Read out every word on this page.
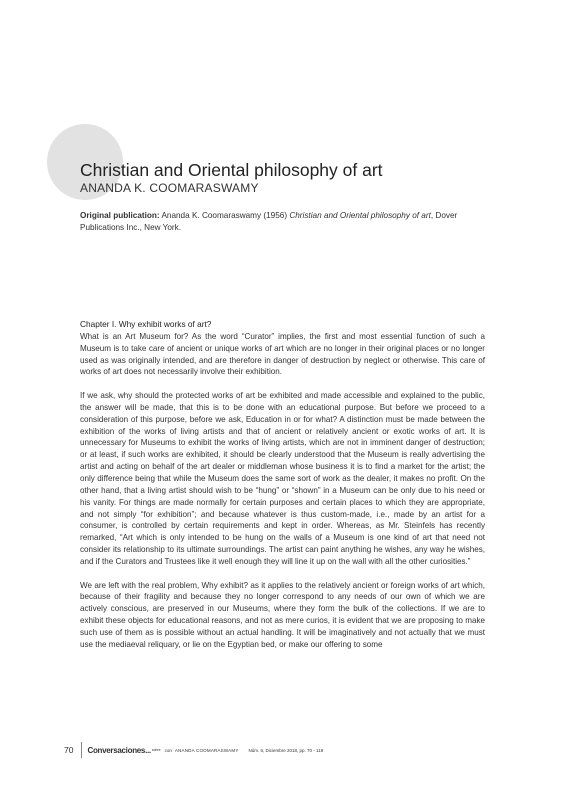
Christian and Oriental philosophy of art
ANANDA K. COOMARASWAMY

Original publication: Ananda K. Coomaraswamy (1956) Christian and Oriental philosophy of art, Dover Publications Inc., New York.

Chapter I. Why exhibit works of art?

What is an Art Museum for? As the word “Curator” implies, the first and most essential function of such a Museum is to take care of ancient or unique works of art which are no longer in their original places or no longer used as was originally intended, and are therefore in danger of destruction by neglect or otherwise. This care of works of art does not necessarily involve their exhibition.

If we ask, why should the protected works of art be exhibited and made accessible and explained to the public, the answer will be made, that this is to be done with an educational purpose. But before we proceed to a consideration of this purpose, before we ask, Education in or for what? A distinction must be made between the exhibition of the works of living artists and that of ancient or relatively ancient or exotic works of art. It is unnecessary for Museums to exhibit the works of living artists, which are not in imminent danger of destruction; or at least, if such works are exhibited, it should be clearly understood that the Museum is really advertising the artist and acting on behalf of the art dealer or middleman whose business it is to find a market for the artist; the only difference being that while the Museum does the same sort of work as the dealer, it makes no profit. On the other hand, that a living artist should wish to be “hung” or “shown” in a Museum can be only due to his need or his vanity. For things are made normally for certain purposes and certain places to which they are appropriate, and not simply “for exhibition”; and because whatever is thus custom-made, i.e., made by an artist for a consumer, is controlled by certain requirements and kept in order. Whereas, as Mr. Steinfels has recently remarked, “Art which is only intended to be hung on the walls of a Museum is one kind of art that need not consider its relationship to its ultimate surroundings. The artist can paint anything he wishes, any way he wishes, and if the Curators and Trustees like it well enough they will line it up on the wall with all the other curiosities.”

We are left with the real problem, Why exhibit? as it applies to the relatively ancient or foreign works of art which, because of their fragility and because they no longer correspond to any needs of our own of which we are actively conscious, are preserved in our Museums, where they form the bulk of the collections. If we are to exhibit these objects for educational reasons, and not as mere curios, it is evident that we are proposing to make such use of them as is possible without an actual handling. It will be imaginatively and not actually that we must use the mediaeval reliquary, or lie on the Egyptian bed, or make our offering to some

70 Conversaciones... sobre con ANANDA COOMARASWAMY Núm. 6, Diciembre 2018, pp. 70 - 119
